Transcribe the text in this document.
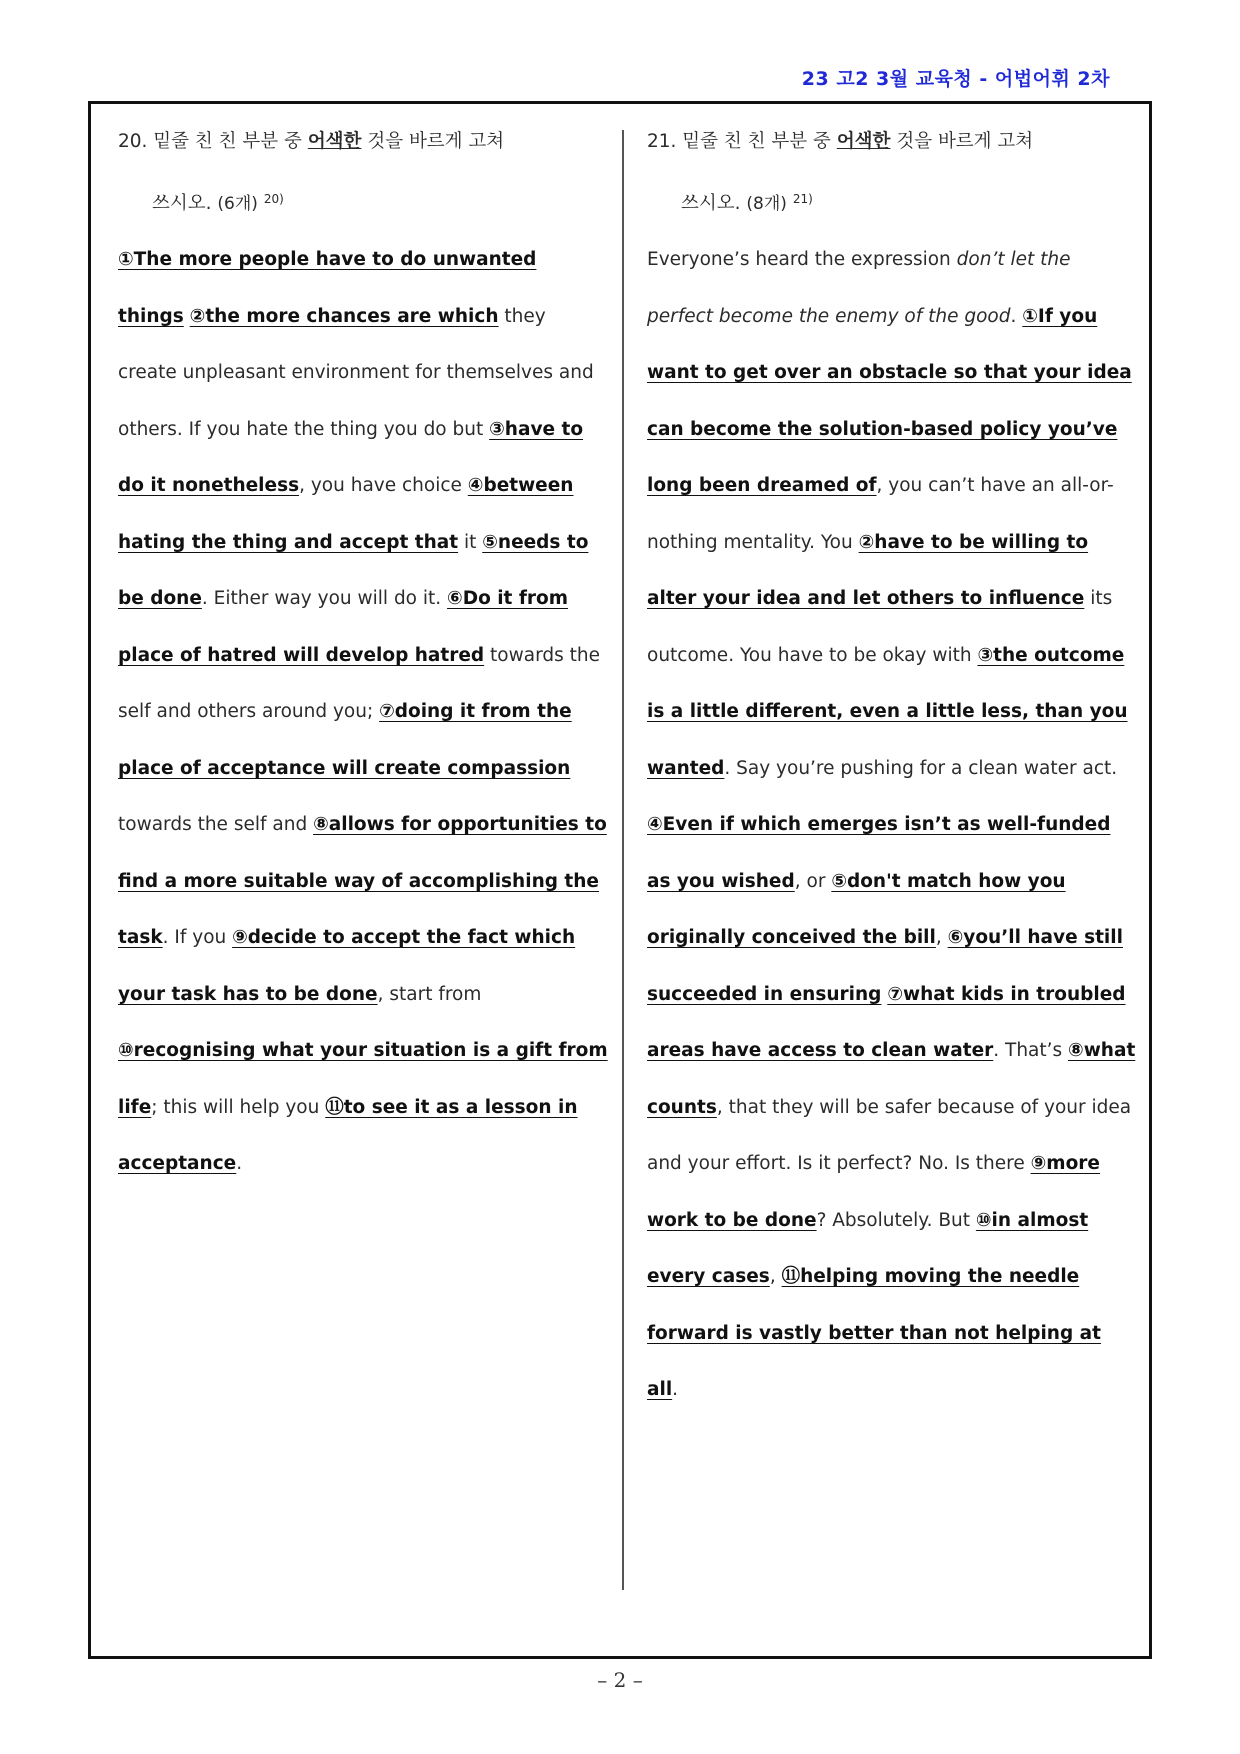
23 고2 3월 교육청 - 어법어휘 2차
20. 밑줄 친 친 부분 중 어색한 것을 바르게 고쳐
쓰시오. (6개) $^{20)}$
①The more people have to do unwanted things ②the more chances are which they create unpleasant environment for themselves and others. If you hate the thing you do but ③have to do it nonetheless, you have choice ④between hating the thing and accept that it ⑤needs to be done. Either way you will do it. ⑥Do it from place of hatred will develop hatred towards the self and others around you; ⑦doing it from the place of acceptance will create compassion towards the self and ⑧allows for opportunities to find a more suitable way of accomplishing the task. If you ⑨decide to accept the fact which your task has to be done, start from ⑩recognising what your situation is a gift from life; this will help you ⑪to see it as a lesson in acceptance.
21. 밑줄 친 친 부분 중 어색한 것을 바르게 고쳐
쓰시오. (8개) $^{21)}$
Everyone’s heard the expression don’t let the perfect become the enemy of the good. ①If you want to get over an obstacle so that your idea can become the solution-based policy you’ve long been dreamed of, you can’t have an all-or-nothing mentality. You ②have to be willing to alter your idea and let others to influence its outcome. You have to be okay with ③the outcome is a little different, even a little less, than you wanted. Say you’re pushing for a clean water act. ④Even if which emerges isn’t as well-funded as you wished, or ⑤don't match how you originally conceived the bill, ⑥you’ll have still succeeded in ensuring ⑦what kids in troubled areas have access to clean water. That’s ⑧what counts, that they will be safer because of your idea and your effort. Is it perfect? No. Is there ⑨more work to be done? Absolutely. But ⑩in almost every cases, ⑪helping moving the needle forward is vastly better than not helping at all.
– 2 –
